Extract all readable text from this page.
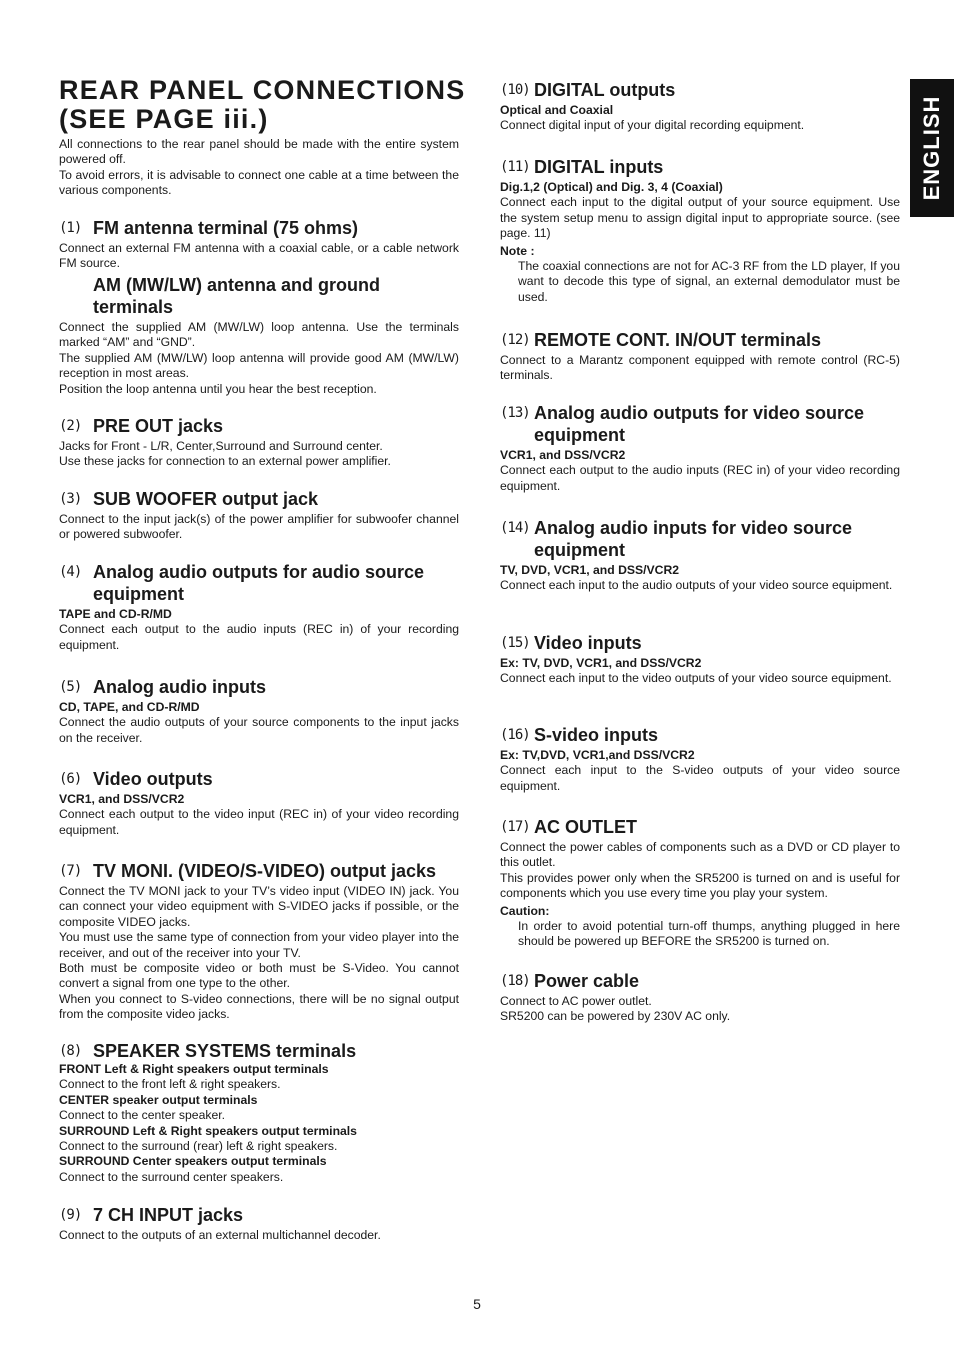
REAR PANEL CONNECTIONS (SEE PAGE iii.)
All connections to the rear panel should be made with the entire system powered off.
To avoid errors, it is advisable to connect one cable at a time between the various components.
(1) FM antenna terminal (75 ohms)
Connect an external FM antenna with a coaxial cable, or a cable network FM source.
AM (MW/LW) antenna and ground terminals
Connect the supplied AM (MW/LW) loop antenna. Use the terminals marked “AM” and “GND”.
The supplied AM (MW/LW) loop antenna will provide good AM (MW/LW) reception in most areas.
Position the loop antenna until you hear the best reception.
(2) PRE OUT jacks
Jacks for Front - L/R, Center,Surround and Surround center.
Use these jacks for connection to an external power amplifier.
(3) SUB WOOFER output jack
Connect to the input jack(s) of the power amplifier for subwoofer channel or powered subwoofer.
(4) Analog audio outputs for audio source equipment
TAPE and CD-R/MD
Connect each output to the audio inputs (REC in) of your recording equipment.
(5) Analog audio inputs
CD, TAPE, and CD-R/MD
Connect the audio outputs of your source components to the input jacks on the receiver.
(6) Video outputs
VCR1, and DSS/VCR2
Connect each output to the video input (REC in) of your video recording equipment.
(7) TV MONI. (VIDEO/S-VIDEO) output jacks
Connect the TV MONI jack to your TV’s video input (VIDEO IN) jack. You can connect your video equipment with S-VIDEO jacks if possible, or the composite VIDEO jacks.
You must use the same type of connection from your video player into the receiver, and out of the receiver into your TV.
Both must be composite video or both must be S-Video. You cannot convert a signal from one type to the other.
When you connect to S-video connections, there will be no signal output from the composite video jacks.
(8) SPEAKER SYSTEMS terminals
FRONT Left & Right speakers output terminals
Connect to the front left & right speakers.
CENTER speaker output terminals
Connect to the center speaker.
SURROUND Left & Right speakers output terminals
Connect to the surround (rear) left & right speakers.
SURROUND Center speakers output terminals
Connect to the surround center speakers.
(9) 7 CH INPUT jacks
Connect to the outputs of an external multichannel decoder.
(10) DIGITAL outputs
Optical and Coaxial
Connect digital input of your digital recording equipment.
(11) DIGITAL inputs
Dig.1,2 (Optical) and Dig. 3, 4 (Coaxial)
Connect each input to the digital output of your source equipment. Use the system setup menu to assign digital input to appropriate source. (see page. 11)
Note :
The coaxial connections are not for AC-3 RF from the LD player, If you want to decode this type of signal, an external demodulator must be used.
(12) REMOTE CONT. IN/OUT terminals
Connect to a Marantz component equipped with remote control (RC-5) terminals.
(13) Analog audio outputs for video source equipment
VCR1, and DSS/VCR2
Connect each output to the audio inputs (REC in) of your video recording equipment.
(14) Analog audio inputs for video source equipment
TV, DVD, VCR1, and DSS/VCR2
Connect each input to the audio outputs of your video source equipment.
(15) Video inputs
Ex: TV, DVD, VCR1, and DSS/VCR2
Connect each input to the video outputs of your video source equipment.
(16) S-video inputs
Ex: TV,DVD, VCR1,and DSS/VCR2
Connect each input to the S-video outputs of your video source equipment.
(17) AC OUTLET
Connect the power cables of components such as a DVD or CD player to this outlet.
This provides power only when the SR5200 is turned on and is useful for components which you use every time you play your system.
Caution:
In order to avoid potential turn-off thumps, anything plugged in here should be powered up BEFORE the SR5200 is turned on.
(18) Power cable
Connect to AC power outlet.
SR5200 can be powered by 230V AC only.
ENGLISH
5
